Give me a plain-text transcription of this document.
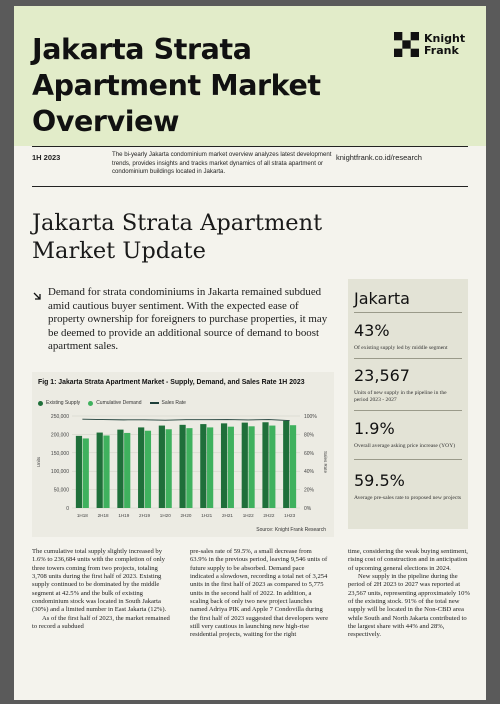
Jakarta Strata
Apartment Market Overview
Knight
Frank
1H 2023	The bi-yearly Jakarta condominium market overview analyzes latest development trends, provides insights and tracks market dynamics of all strata apartment or condominium buildings located in Jakarta.
knightfrank.co.id/research
Jakarta Strata Apartment
Market Update
Demand for strata condominiums in Jakarta remained subdued amid cautious buyer sentiment. With the expected ease of property ownership for foreigners to purchase properties, it may be deemed to provide an additional source of demand to boost apartment sales.
Jakarta
43%
Of existing supply led by middle segment
23,567
Units of new supply in the pipeline in the period 2023 - 2027
1.9%
Overall average asking price increase (YOY)
59.5%
Average pre-sales rate to proposed new projects
Fig 1: Jakarta Strata Apartment Market - Supply, Demand, and Sales Rate 1H 2023
Existing Supply	Cumulative Demand	Sales Rate
0
50,000
100,000
150,000
200,000
250,000
0%
20%
40%
60%
80%
100%
Units	Sales Rate
1H18 2H18 1H19 2H19 1H20 2H20 1H21 2H21 1H22 2H22 1H23
Source: Knight Frank Research

The cumulative total supply slightly increased by 1.6% to 236,684 units with the completion of only three towers coming from two projects, totaling 3,708 units during the first half of 2023. Existing supply continued to be dominated by the middle segment at 42.5% and the bulk of existing condominium stock was located in South Jakarta (30%) and a limited number in East Jakarta (12%).

As of the first half of 2023, the market remained to record a subdued

pre-sales rate of 59.5%, a small decrease from 63.9% in the previous period, leaving 9,546 units of future supply to be absorbed. Demand pace indicated a slowdown, recording a total net of 3,254 units in the first half of 2023 as compared to 5,775 units in the second half of 2022. In addition, a scaling back of only two new project launches named Adriya PIK and Apple 7 Condovilla during the first half of 2023 suggested that developers were still very cautious in launching new high-rise residential projects, waiting for the right

time, considering the weak buying sentiment, rising cost of construction and in anticipation of upcoming general elections in 2024.

New supply in the pipeline during the period of 2H 2023 to 2027 was reported at 23,567 units, representing approximately 10% of the existing stock. 91% of the total new supply will be located in the Non-CBD area while South and North Jakarta contributed to the largest share with 44% and 28%, respectively.
